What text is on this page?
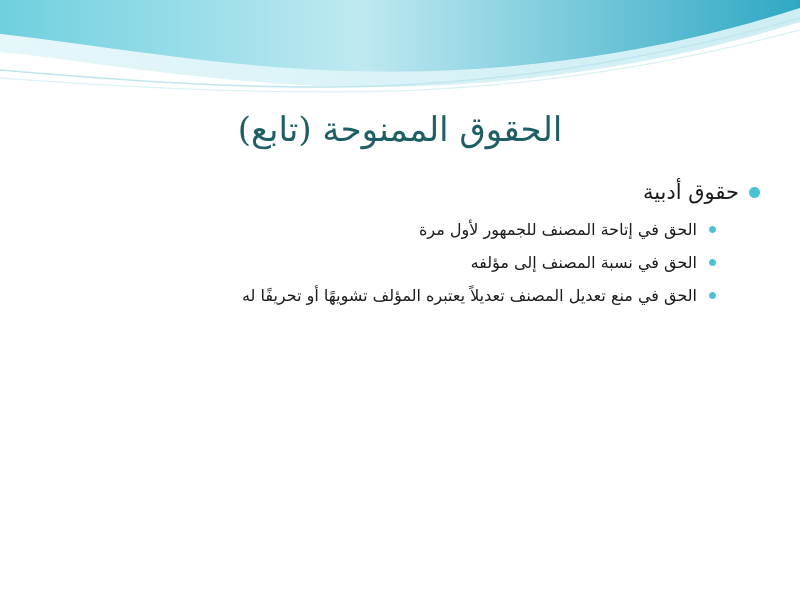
الحقوق الممنوحة (تابع)
حقوق أدبية
الحق في إتاحة المصنف للجمهور لأول مرة
الحق في نسبة المصنف إلى مؤلفه
الحق في منع تعديل المصنف تعديلاً يعتبره المؤلف تشويهًا أو تحريفًا له
